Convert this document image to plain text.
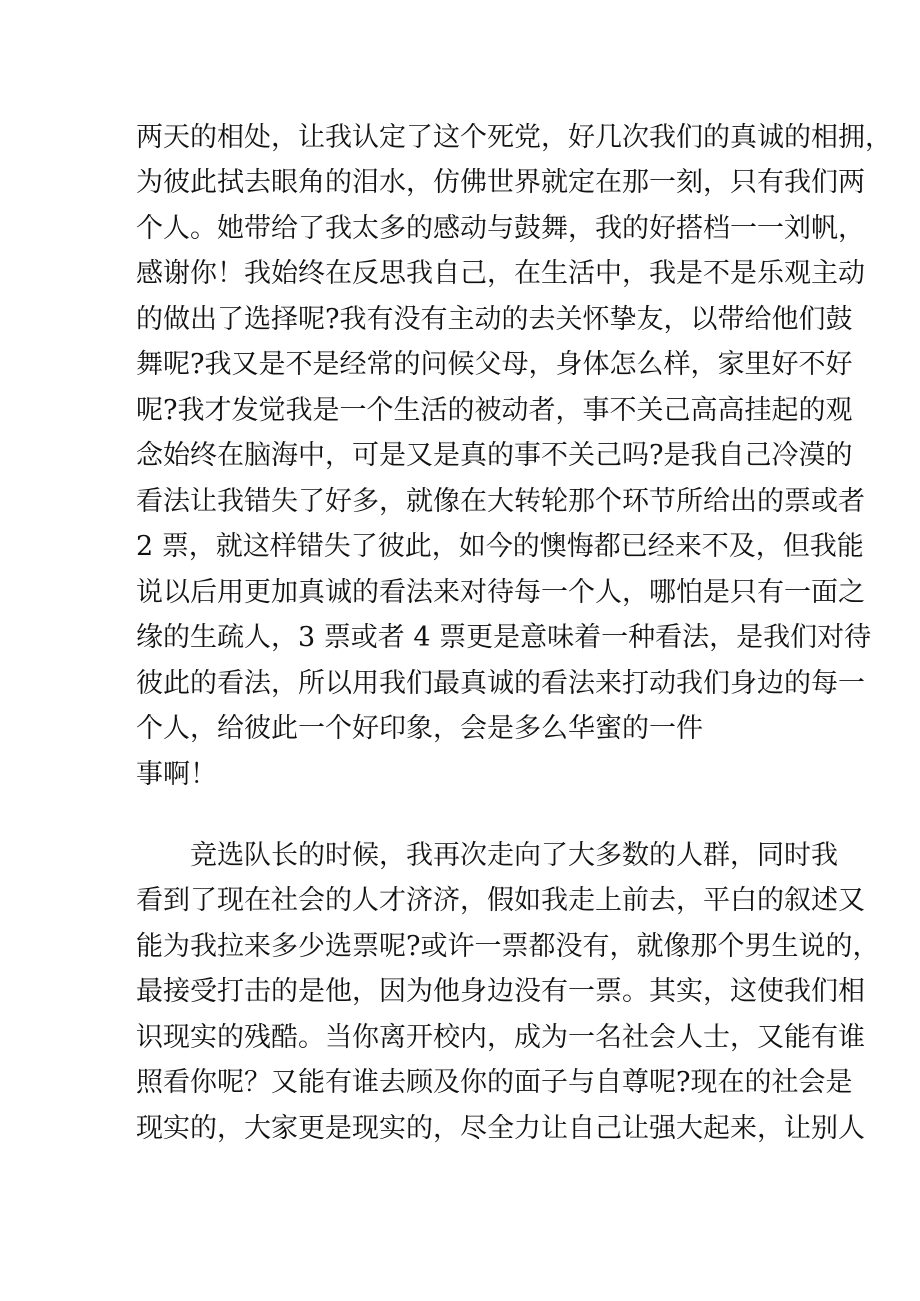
两天的相处，让我认定了这个死党，好几次我们的真诚的相拥，
为彼此拭去眼角的泪水，仿佛世界就定在那一刻，只有我们两
个人。她带给了我太多的感动与鼓舞，我的好搭档一一刘帆，
感谢你！我始终在反思我自己，在生活中，我是不是乐观主动
的做出了选择呢?我有没有主动的去关怀挚友，以带给他们鼓
舞呢?我又是不是经常的问候父母，身体怎么样，家里好不好
呢?我才发觉我是一个生活的被动者，事不关己高高挂起的观
念始终在脑海中，可是又是真的事不关己吗?是我自己冷漠的
看法让我错失了好多，就像在大转轮那个环节所给出的票或者
2 票，就这样错失了彼此，如今的懊悔都已经来不及，但我能
说以后用更加真诚的看法来对待每一个人，哪怕是只有一面之
缘的生疏人，3 票或者 4 票更是意味着一种看法，是我们对待
彼此的看法，所以用我们最真诚的看法来打动我们身边的每一
个人，给彼此一个好印象，会是多么华蜜的一件
事啊！
竞选队长的时候，我再次走向了大多数的人群，同时我
看到了现在社会的人才济济，假如我走上前去，平白的叙述又
能为我拉来多少选票呢?或许一票都没有，就像那个男生说的，
最接受打击的是他，因为他身边没有一票。其实，这使我们相
识现实的残酷。当你离开校内，成为一名社会人士，又能有谁
照看你呢？又能有谁去顾及你的面子与自尊呢?现在的社会是
现实的，大家更是现实的，尽全力让自己让强大起来，让别人
